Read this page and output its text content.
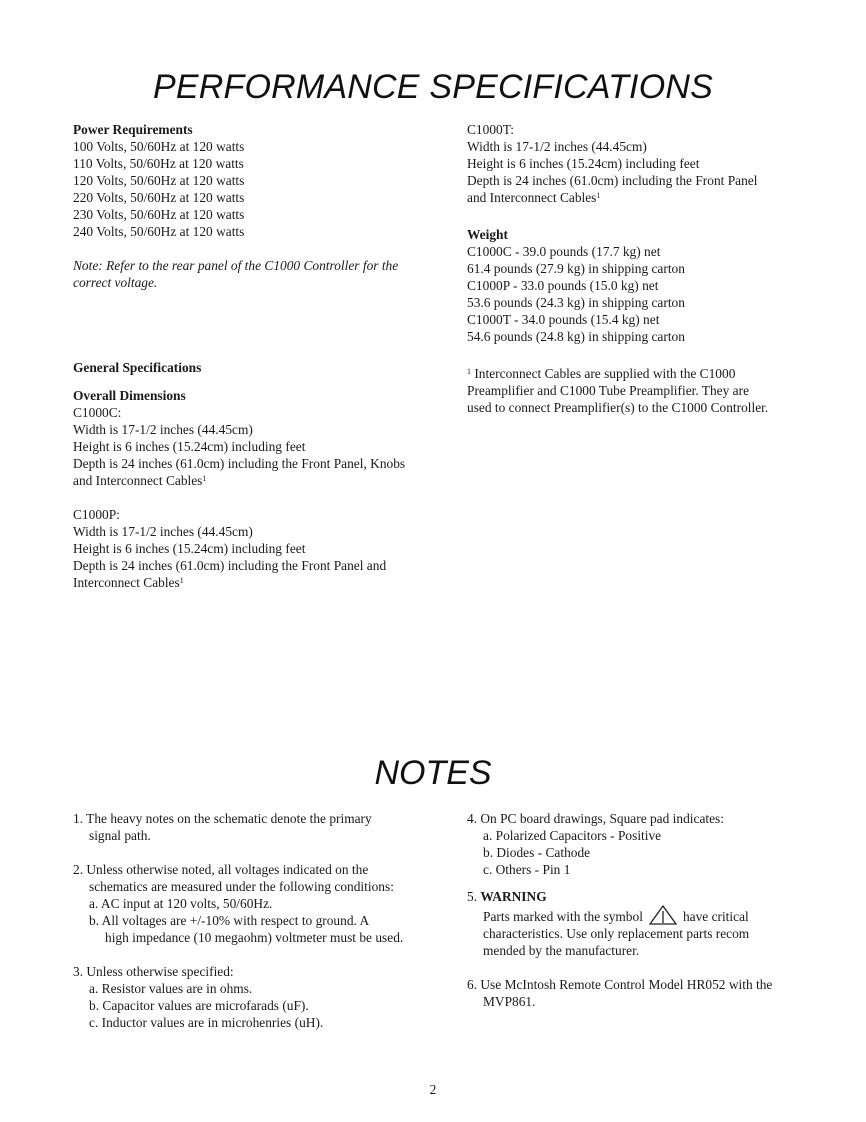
PERFORMANCE SPECIFICATIONS

Power Requirements

100 Volts, 50/60Hz at 120 watts

110 Volts, 50/60Hz at 120 watts

120 Volts, 50/60Hz at 120 watts

220 Volts, 50/60Hz at 120 watts

230 Volts, 50/60Hz at 120 watts

240 Volts, 50/60Hz at 120 watts

Note: Refer to the rear panel of the C1000 Controller for the

correct voltage.

General Specifications

Overall Dimensions

C1000C:

Width is 17-1/2 inches (44.45cm)

Height is 6 inches (15.24cm) including feet

Depth is 24 inches (61.0cm) including the Front Panel, Knobs

and Interconnect Cables$^1$

C1000P:

Width is 17-1/2 inches (44.45cm)

Height is 6 inches (15.24cm) including feet

Depth is 24 inches (61.0cm) including the Front Panel and

Interconnect Cables$^1$

C1000T:

Width is 17-1/2 inches (44.45cm)

Height is 6 inches (15.24cm) including feet

Depth is 24 inches (61.0cm) including the Front Panel

and Interconnect Cables$^1$

Weight

C1000C - 39.0 pounds (17.7 kg) net

61.4 pounds (27.9 kg) in shipping carton

C1000P - 33.0 pounds (15.0 kg) net

53.6 pounds (24.3 kg) in shipping carton

C1000T - 34.0 pounds (15.4 kg) net

54.6 pounds (24.8 kg) in shipping carton

$^1$ Interconnect Cables are supplied with the C1000

Preamplifier and C1000 Tube Preamplifier. They are

used to connect Preamplifier(s) to the C1000 Controller.

NOTES

1. The heavy notes on the schematic denote the primary

signal path.

2. Unless otherwise noted, all voltages indicated on the

schematics are measured under the following conditions:

a. AC input at 120 volts, 50/60Hz.

b. All voltages are +/-10% with respect to ground. A

high impedance (10 megaohm) voltmeter must be used.

3. Unless otherwise specified:

a. Resistor values are in ohms.

b. Capacitor values are microfarads (uF).

c. Inductor values are in microhenries (uH).

4. On PC board drawings, Square pad indicates:

a. Polarized Capacitors - Positive

b. Diodes - Cathode

c. Others - Pin 1

5. WARNING

Parts marked with the symbol	have critical

characteristics. Use only replacement parts recom

mended by the manufacturer.

6. Use McIntosh Remote Control Model HR052 with the

MVP861.

2
